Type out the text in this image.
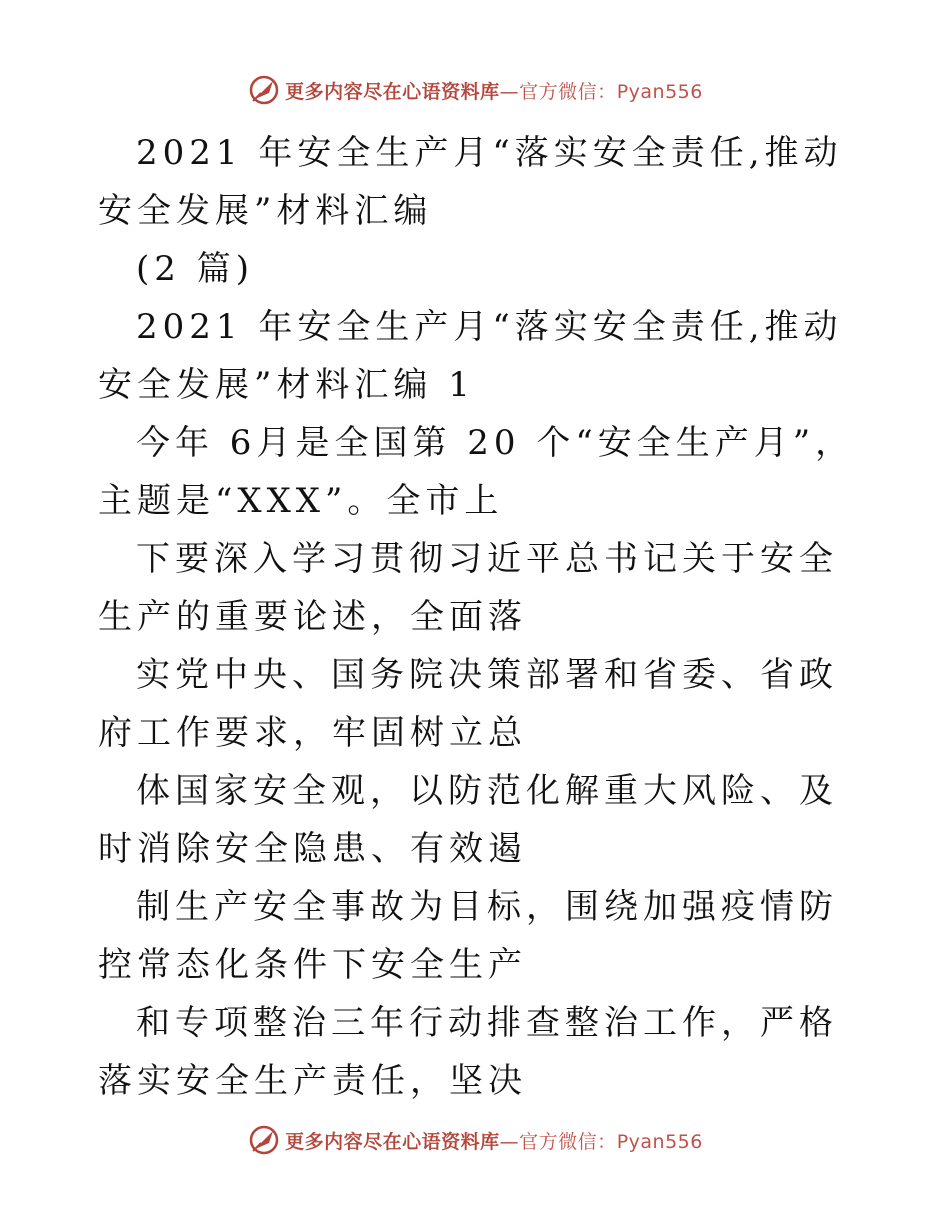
更多内容尽在心语资料库—官方微信：Pyan556

2021 年安全生产月“落实安全责任,推动安全发展”材料汇编

(2 篇)

2021 年安全生产月“落实安全责任,推动安全发展”材料汇编 1

今年 6月是全国第 20 个“安全生产月”，主题是“XXX”。全市上

下要深入学习贯彻习近平总书记关于安全生产的重要论述，全面落

实党中央、国务院决策部署和省委、省政府工作要求，牢固树立总

体国家安全观，以防范化解重大风险、及时消除安全隐患、有效遏

制生产安全事故为目标，围绕加强疫情防控常态化条件下安全生产

和专项整治三年行动排查整治工作，严格落实安全生产责任，坚决

更多内容尽在心语资料库—官方微信：Pyan556
